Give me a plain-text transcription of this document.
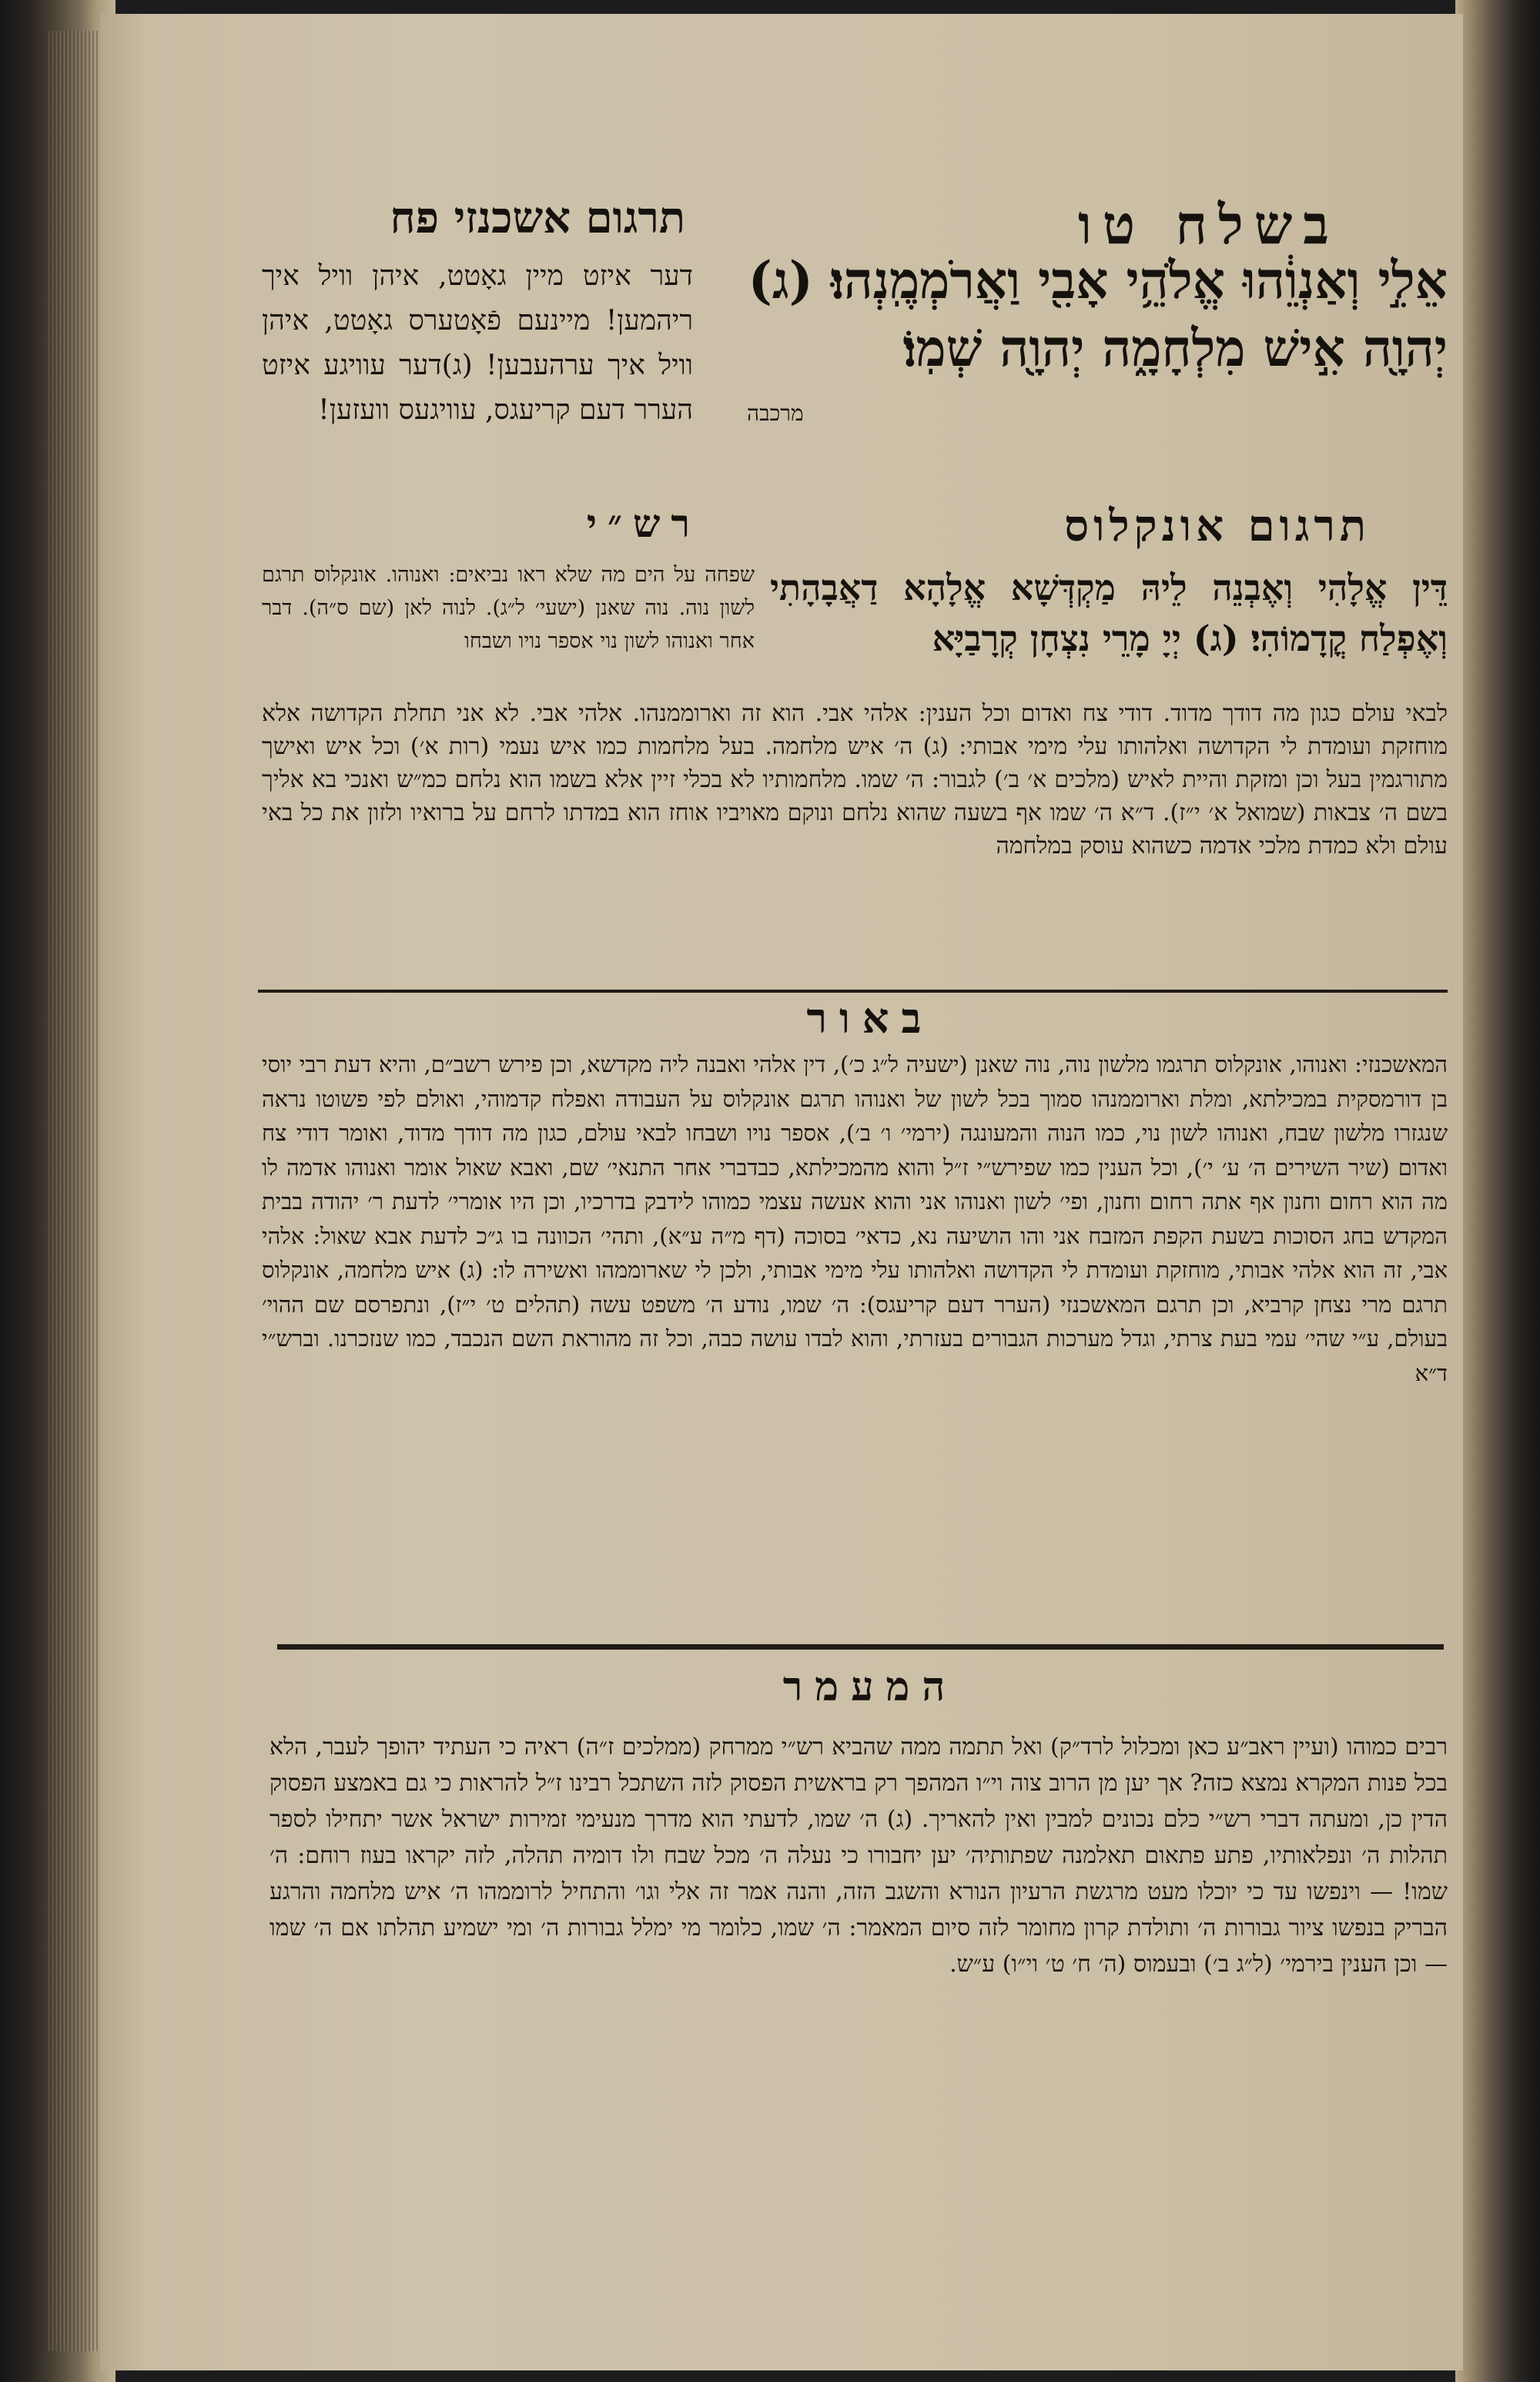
בשלח טו
תרגום אשכנזי פח
אֵלִ֣י וְאַנְוֵ֔הוּ אֱלֹהֵ֥י אָבִ֖י וַאֲרֹמְמֶֽנְהוּ׃ (ג) יְהוָ֖ה אִ֣ישׁ מִלְחָמָ֑ה יְהוָ֖ה שְׁמֽוֹ׃
מרכבה
דער איזט מיין גאָטט, איהן וויל איך ריהמען! מיינעם פֿאָטערס גאָטט, איהן וויל איך ערהעבען! (ג)דער עוויגע איזט הערר דעם קריעגס, עוויגעס וועזען!
רש״י	תרגום אונקלוס
דֵּין אֱלָהִי וְאֶבְנֵה לֵיהּ מַקְדְּשָׁא אֱלָהָא דַאֲבָהָתִי וְאֶפְלַח קֳדָמוֹהִי׃ (ג) יְיָ מָרֵי נִצְחָן קְרָבַיָּא
שפחה על הים מה שלא ראו נביאים: ואנוהו. אונקלוס תרגם לשון נוה. נוה שאנן (ישעי׳ ל״ג). לנוה לאן (שם ס״ה). דבר אחר ואנוהו לשון נוי אספר נויו ושבחו
לבאי עולם כגון מה דודך מדוד. דודי צח ואדום וכל הענין: אלהי אבי. הוא זה וארוממנהו. אלהי אבי. לא אני תחלת הקדושה אלא מוחזקת ועומדת לי הקדושה ואלהותו עלי מימי אבותי: (ג) ה׳ איש מלחמה. בעל מלחמות כמו איש נעמי (רות א׳) וכל איש ואישך מתורגמין בעל וכן ומזקת והיית לאיש (מלכים א׳ ב׳) לגבור: ה׳ שמו. מלחמותיו לא בכלי זיין אלא בשמו הוא נלחם כמ״ש ואנכי בא אליך בשם ה׳ צבאות (שמואל א׳ י״ז). ד״א ה׳ שמו אף בשעה שהוא נלחם ונוקם מאויביו אוחז הוא במדתו לרחם על ברואיו ולזון את כל באי עולם ולא כמדת מלכי אדמה כשהוא עוסק במלחמה
באור
המאשכנזי: ואנוהו, אונקלוס תרגמו מלשון נוה, נוה שאנן (ישעיה ל״ג כ׳), דין אלהי ואבנה ליה מקדשא, וכן פירש רשב״ם, והיא דעת רבי יוסי בן דורמסקית במכילתא, ומלת וארוממנהו סמוך בכל לשון של ואנוהו תרגם אונקלוס על העבודה ואפלח קדמוהי, ואולם לפי פשוטו נראה שנגזרו מלשון שבח, ואנוהו לשון נוי, כמו הנוה והמעונגה (ירמי׳ ו׳ ב׳), אספר נויו ושבחו לבאי עולם, כגון מה דודך מדוד, ואומר דודי צח ואדום (שיר השירים ה׳ ע׳ י׳), וכל הענין כמו שפירש״י ז״ל והוא מהמכילתא, כבדברי אחר התנאי׳ שם, ואבא שאול אומר ואנוהו אדמה לו מה הוא רחום וחנון אף אתה רחום וחנון, ופי׳ לשון ואנוהו אני והוא אעשה עצמי כמוהו לידבק בדרכיו, וכן היו אומרי׳ לדעת ר׳ יהודה בבית המקדש בחג הסוכות בשעת הקפת המזבח אני והו הושיעה נא, כדאי׳ בסוכה (דף מ״ה ע״א), ותהי׳ הכוונה בו ג״כ לדעת אבא שאול: אלהי אבי, זה הוא אלהי אבותי, מוחזקת ועומדת לי הקדושה ואלהותו עלי מימי אבותי, ולכן לי שארוממהו ואשירה לו: (ג) איש מלחמה, אונקלוס תרגם מרי נצחן קרביא, וכן תרגם המאשכנזי (הערר דעם קריעגס): ה׳ שמו, נודע ה׳ משפט עשה (תהלים ט׳ י״ז), ונתפרסם שם ההוי׳ בעולם, ע״י שהי׳ עמי בעת צרתי, וגדל מערכות הגבורים בעזרתי, והוא לבדו עושה כבה, וכל זה מהוראת השם הנכבד, כמו שנזכרנו. וברש״י ד״א
המעמר
רבים כמוהו (ועיין ראב״ע כאן ומכלול לרד״ק) ואל תתמה ממה שהביא רש״י ממרחק (ממלכים ז״ה) ראיה כי העתיד יהופך לעבר, הלא בכל פנות המקרא נמצא כזה? אך יען מן הרוב צוה וי״ו המהפך רק בראשית הפסוק לזה השתכל רבינו ז״ל להראות כי גם באמצע הפסוק הדין כן, ומעתה דברי רש״י כלם נכונים למבין ואין להאריך. (ג) ה׳ שמו, לדעתי הוא מדרך מנעימי זמירות ישראל אשר יתחילו לספר תהלות ה׳ ונפלאותיו, פתע פתאום תאלמנה שפתותיה׳ יען יחבורו כי נעלה ה׳ מכל שבח ולו דומיה תהלה, לזה יקראו בעוז רוחם: ה׳ שמו! — וינפשו עד כי יוכלו מעט מרגשת הרעיון הנורא והשגב הזה, והנה אמר זה אלי וגו׳ והתחיל לרוממהו ה׳ איש מלחמה והרגע הבריק בנפשו ציור גבורות ה׳ ותולדת קרון מחומר לזה סיום המאמר: ה׳ שמו, כלומר מי ימלל גבורות ה׳ ומי ישמיע תהלתו אם ה׳ שמו — וכן הענין בירמי׳ (ל״ג ב׳) ובעמוס (ה׳ ח׳ ט׳ וי״ו) ע״ש.
